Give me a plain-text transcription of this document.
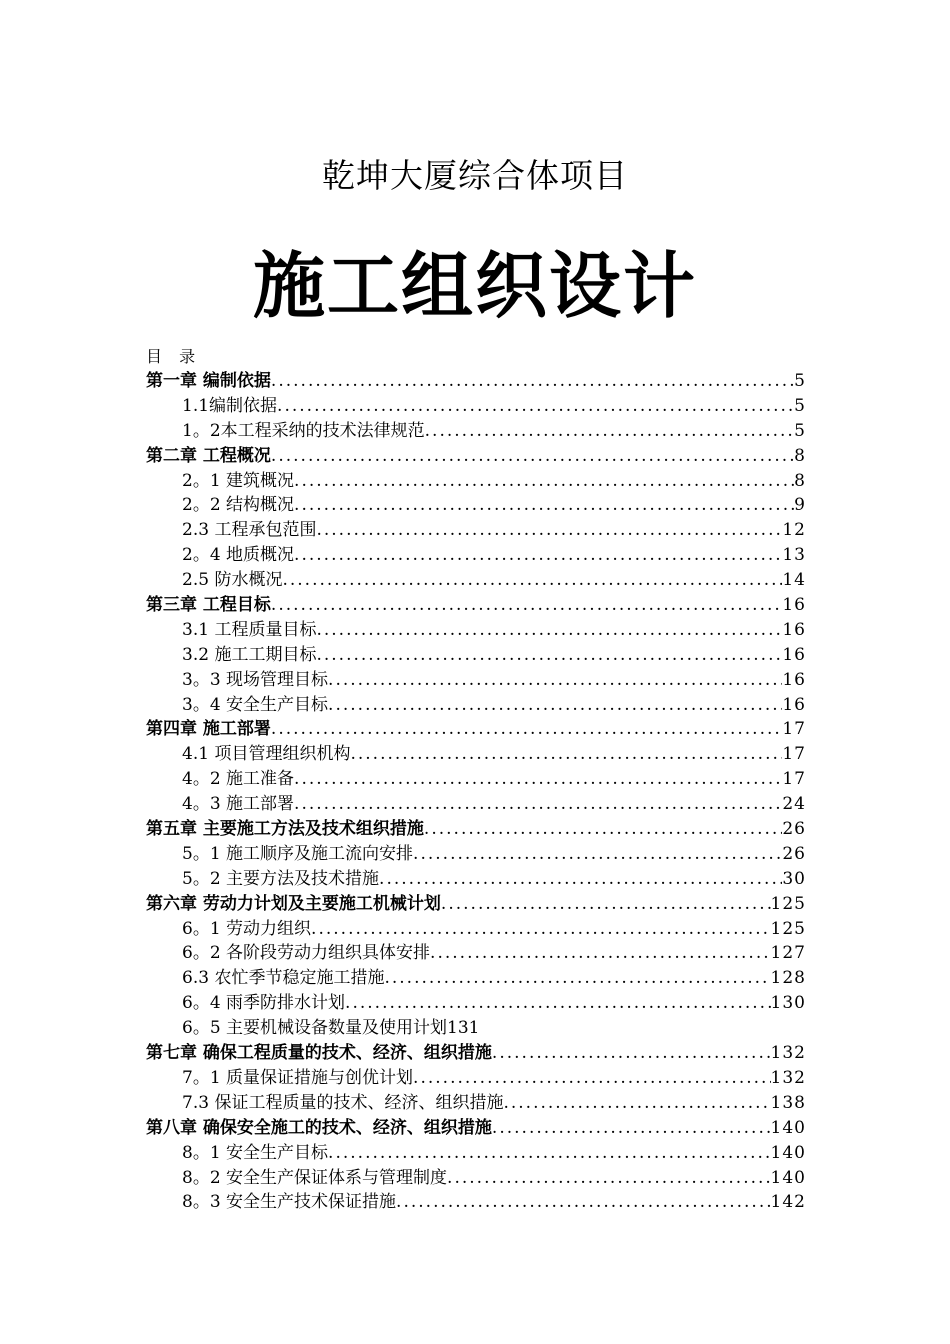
乾坤大厦综合体项目
施工组织设计
目 录
第一章 编制依据 .....	5
1.1编制依据 .....	5
1。2本工程采纳的技术法律规范 .....	5
第二章 工程概况 .....	8
2。1 建筑概况 .....	8
2。2 结构概况 .....	9
2.3 工程承包范围 .....	12
2。4 地质概况 .....	13
2.5 防水概况 .....	14
第三章 工程目标 .....	16
3.1 工程质量目标 .....	16
3.2 施工工期目标 .....	16
3。3 现场管理目标 .....	16
3。4 安全生产目标 .....	16
第四章 施工部署 .....	17
4.1 项目管理组织机构 .....	17
4。2 施工准备 .....	17
4。3 施工部署 .....	24
第五章 主要施工方法及技术组织措施 .....	26
5。1 施工顺序及施工流向安排 .....	26
5。2 主要方法及技术措施 .....	30
第六章 劳动力计划及主要施工机械计划 .....	125
6。1 劳动力组织 .....	125
6。2 各阶段劳动力组织具体安排 .....	127
6.3 农忙季节稳定施工措施 .....	128
6。4 雨季防排水计划 .....	130
6。5 主要机械设备数量及使用计划131
第七章 确保工程质量的技术、经济、组织措施 .....	132
7。1 质量保证措施与创优计划 .....	132
7.3 保证工程质量的技术、经济、组织措施 .....	138
第八章 确保安全施工的技术、经济、组织措施 .....	140
8。1 安全生产目标 .....	140
8。2 安全生产保证体系与管理制度 .....	140
8。3 安全生产技术保证措施 .....	142
